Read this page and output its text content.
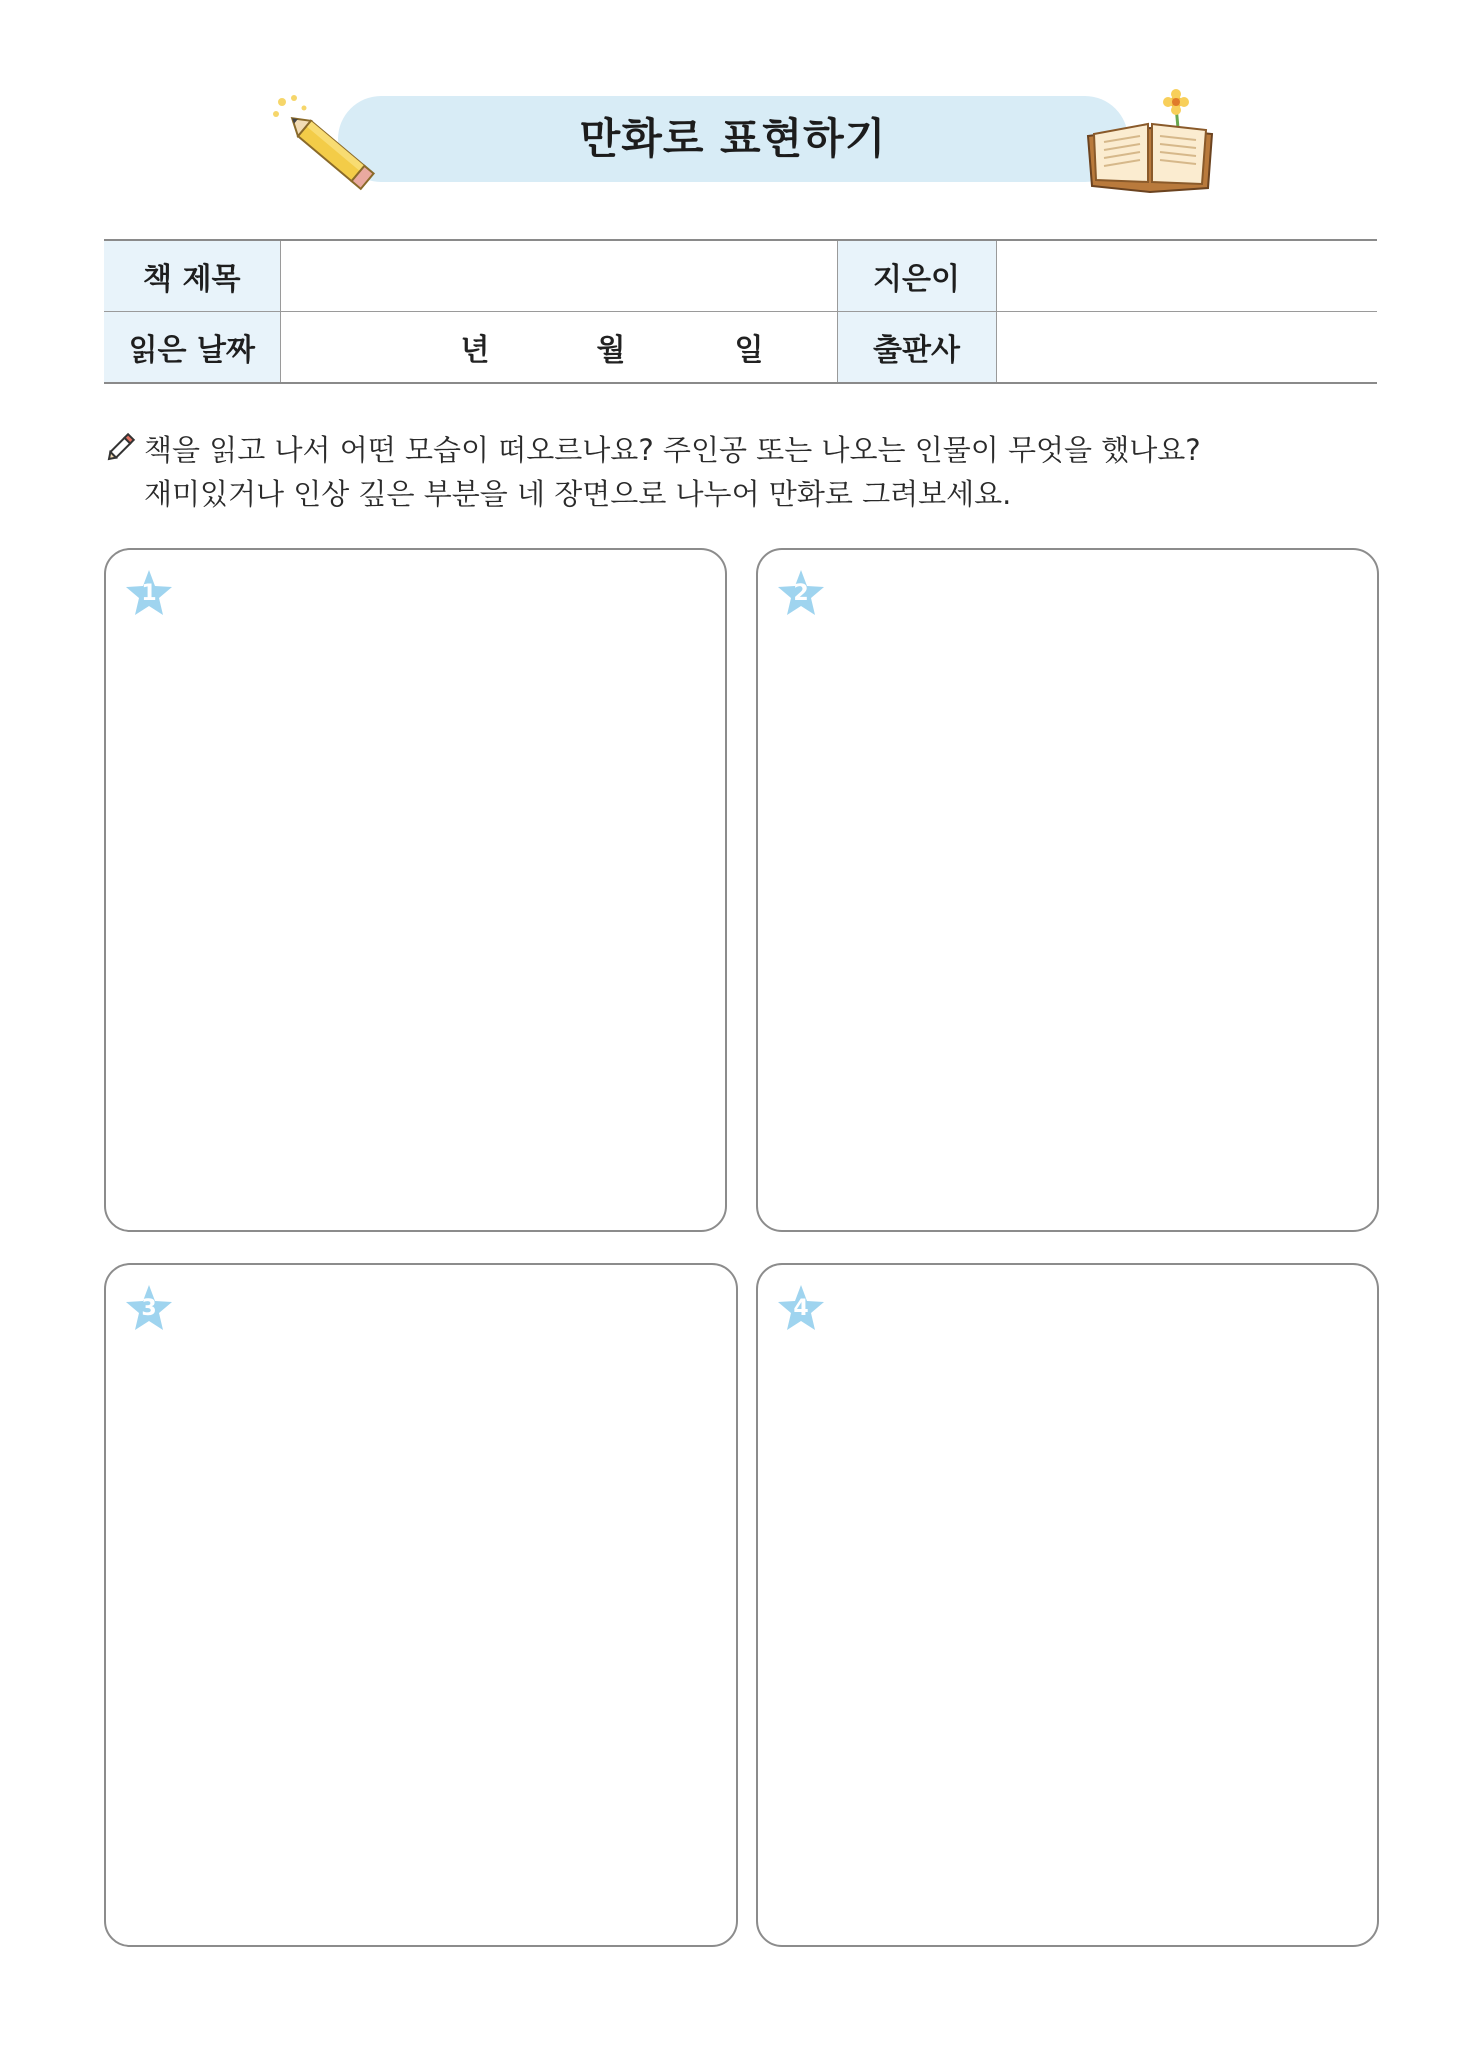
만화로 표현하기
책 제목		지은이	
읽은 날짜	년 월 일	출판사	
책을 읽고 나서 어떤 모습이 떠오르나요? 주인공 또는 나오는 인물이 무엇을 했나요?
재미있거나 인상 깊은 부분을 네 장면으로 나누어 만화로 그려보세요.
1	2
3	4
